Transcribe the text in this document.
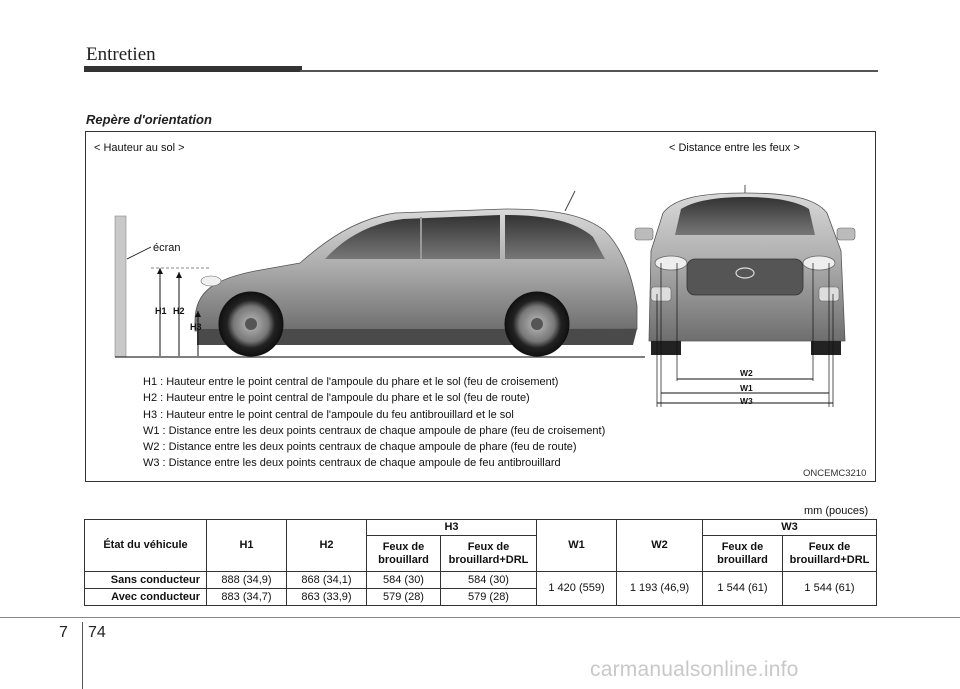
Entretien
Repère d'orientation
< Hauteur au sol >	< Distance entre les feux >
écran
H1 H2
H3
W2
W1
W3
H1 : Hauteur entre le point central de l'ampoule du phare et le sol (feu de croisement)
H2 : Hauteur entre le point central de l'ampoule du phare et le sol (feu de route)
H3 : Hauteur entre le point central de l'ampoule du feu antibrouillard et le sol
W1 : Distance entre les deux points centraux de chaque ampoule de phare (feu de croisement)
W2 : Distance entre les deux points centraux de chaque ampoule de phare (feu de route)
W3 : Distance entre les deux points centraux de chaque ampoule de feu antibrouillard
ONCEMC3210
mm (pouces)
État du véhicule	H1	H2	H3		W1	W2	W3	
			Feux de brouillard	Feux de brouillard+DRL			Feux de brouillard	Feux de brouillard+DRL
Sans conducteur	888 (34,9)	868 (34,1)	584 (30)	584 (30)	1 420 (559)	1 193 (46,9)	1 544 (61)	1 544 (61)
Avec conducteur	883 (34,7)	863 (33,9)	579 (28)	579 (28)				
7 74
carmanualsonline.info
